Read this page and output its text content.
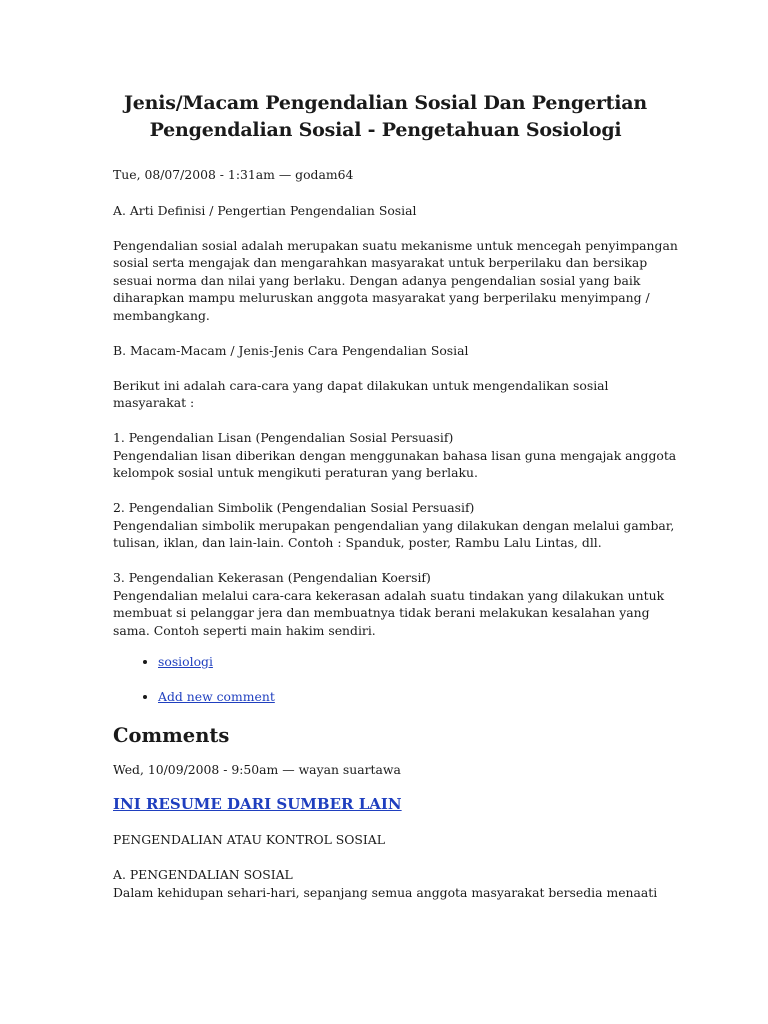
Jenis/Macam Pengendalian Sosial Dan Pengertian
Pengendalian Sosial - Pengetahuan Sosiologi
Tue, 08/07/2008 - 1:31am — godam64

A. Arti Definisi / Pengertian Pengendalian Sosial

Pengendalian sosial adalah merupakan suatu mekanisme untuk mencegah penyimpangan
sosial serta mengajak dan mengarahkan masyarakat untuk berperilaku dan bersikap
sesuai norma dan nilai yang berlaku. Dengan adanya pengendalian sosial yang baik
diharapkan mampu meluruskan anggota masyarakat yang berperilaku menyimpang /
membangkang.

B. Macam-Macam / Jenis-Jenis Cara Pengendalian Sosial

Berikut ini adalah cara-cara yang dapat dilakukan untuk mengendalikan sosial
masyarakat :

1. Pengendalian Lisan (Pengendalian Sosial Persuasif)
Pengendalian lisan diberikan dengan menggunakan bahasa lisan guna mengajak anggota
kelompok sosial untuk mengikuti peraturan yang berlaku.

2. Pengendalian Simbolik (Pengendalian Sosial Persuasif)
Pengendalian simbolik merupakan pengendalian yang dilakukan dengan melalui gambar,
tulisan, iklan, dan lain-lain. Contoh : Spanduk, poster, Rambu Lalu Lintas, dll.

3. Pengendalian Kekerasan (Pengendalian Koersif)
Pengendalian melalui cara-cara kekerasan adalah suatu tindakan yang dilakukan untuk
membuat si pelanggar jera dan membuatnya tidak berani melakukan kesalahan yang
sama. Contoh seperti main hakim sendiri.

• sosiologi
• Add new comment
Comments
Wed, 10/09/2008 - 9:50am — wayan suartawa
INI RESUME DARI SUMBER LAIN

PENGENDALIAN ATAU KONTROL SOSIAL

A. PENGENDALIAN SOSIAL
Dalam kehidupan sehari-hari, sepanjang semua anggota masyarakat bersedia menaati
